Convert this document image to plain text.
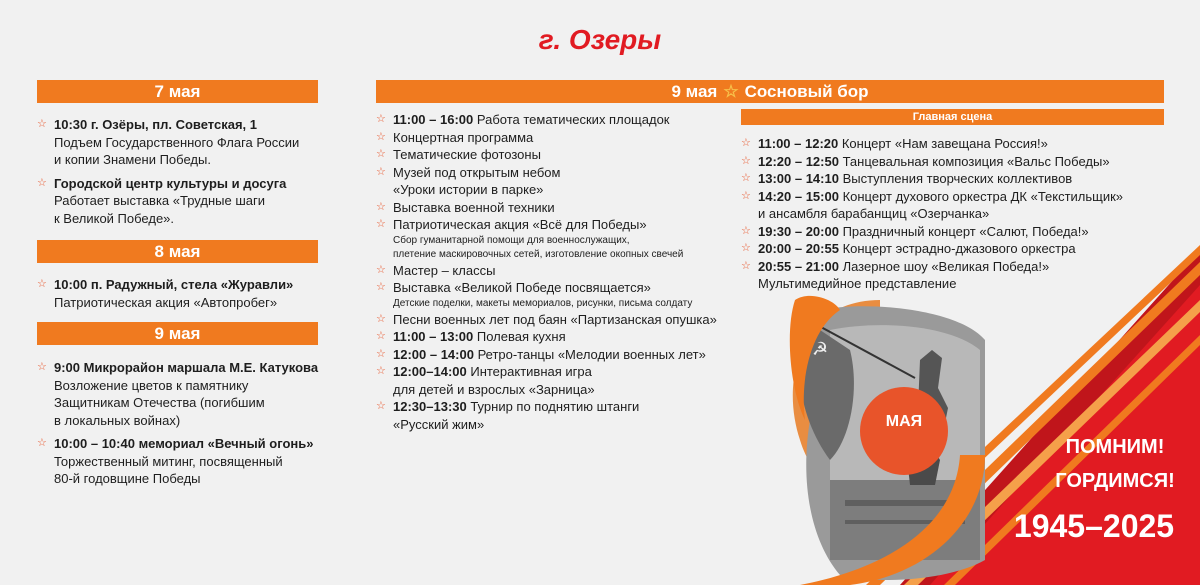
☭
МАЯ
ПОМНИМ!
ГОРДИМСЯ!
1945–2025
г. Озеры
7 мая
☆ 10:30 г. Озёры, пл. Советская, 1
Подъем Государственного Флага России
и копии Знамени Победы.
☆ Городской центр культуры и досуга
Работает выставка «Трудные шаги
к Великой Победе».
8 мая
☆ 10:00 п. Радужный, стела «Журавли»
Патриотическая акция «Автопробег»
9 мая
☆ 9:00 Микрорайон маршала М.Е. Катукова
Возложение цветов к памятнику
Защитникам Отечества (погибшим
в локальных войнах)
☆ 10:00 – 10:40 мемориал «Вечный огонь»
Торжественный митинг, посвященный
80-й годовщине Победы
9 мая ☆ Сосновый бор
☆ 11:00 – 16:00 Работа тематических площадок
☆ Концертная программа
☆ Тематические фотозоны
☆ Музей под открытым небом
«Уроки истории в парке»
☆ Выставка военной техники
☆ Патриотическая акция «Всё для Победы»
Сбор гуманитарной помощи для военнослужащих,
плетение маскировочных сетей, изготовление окопных свечей
☆ Мастер – классы
☆ Выставка «Великой Победе посвящается»
Детские поделки, макеты мемориалов, рисунки, письма солдату
☆ Песни военных лет под баян «Партизанская опушка»
☆ 11:00 – 13:00 Полевая кухня
☆ 12:00 – 14:00 Ретро-танцы «Мелодии военных лет»
☆ 12:00–14:00 Интерактивная игра
для детей и взрослых «Зарница»
☆ 12:30–13:30 Турнир по поднятию штанги
«Русский жим»
Главная сцена
☆ 11:00 – 12:20 Концерт «Нам завещана Россия!»
☆ 12:20 – 12:50 Танцевальная композиция «Вальс Победы»
☆ 13:00 – 14:10 Выступления творческих коллективов
☆ 14:20 – 15:00 Концерт духового оркестра ДК «Текстильщик»
и ансамбля барабанщиц «Озерчанка»
☆ 19:30 – 20:00 Праздничный концерт «Салют, Победа!»
☆ 20:00 – 20:55 Концерт эстрадно-джазового оркестра
☆ 20:55 – 21:00 Лазерное шоу «Великая Победа!»
Мультимедийное представление
